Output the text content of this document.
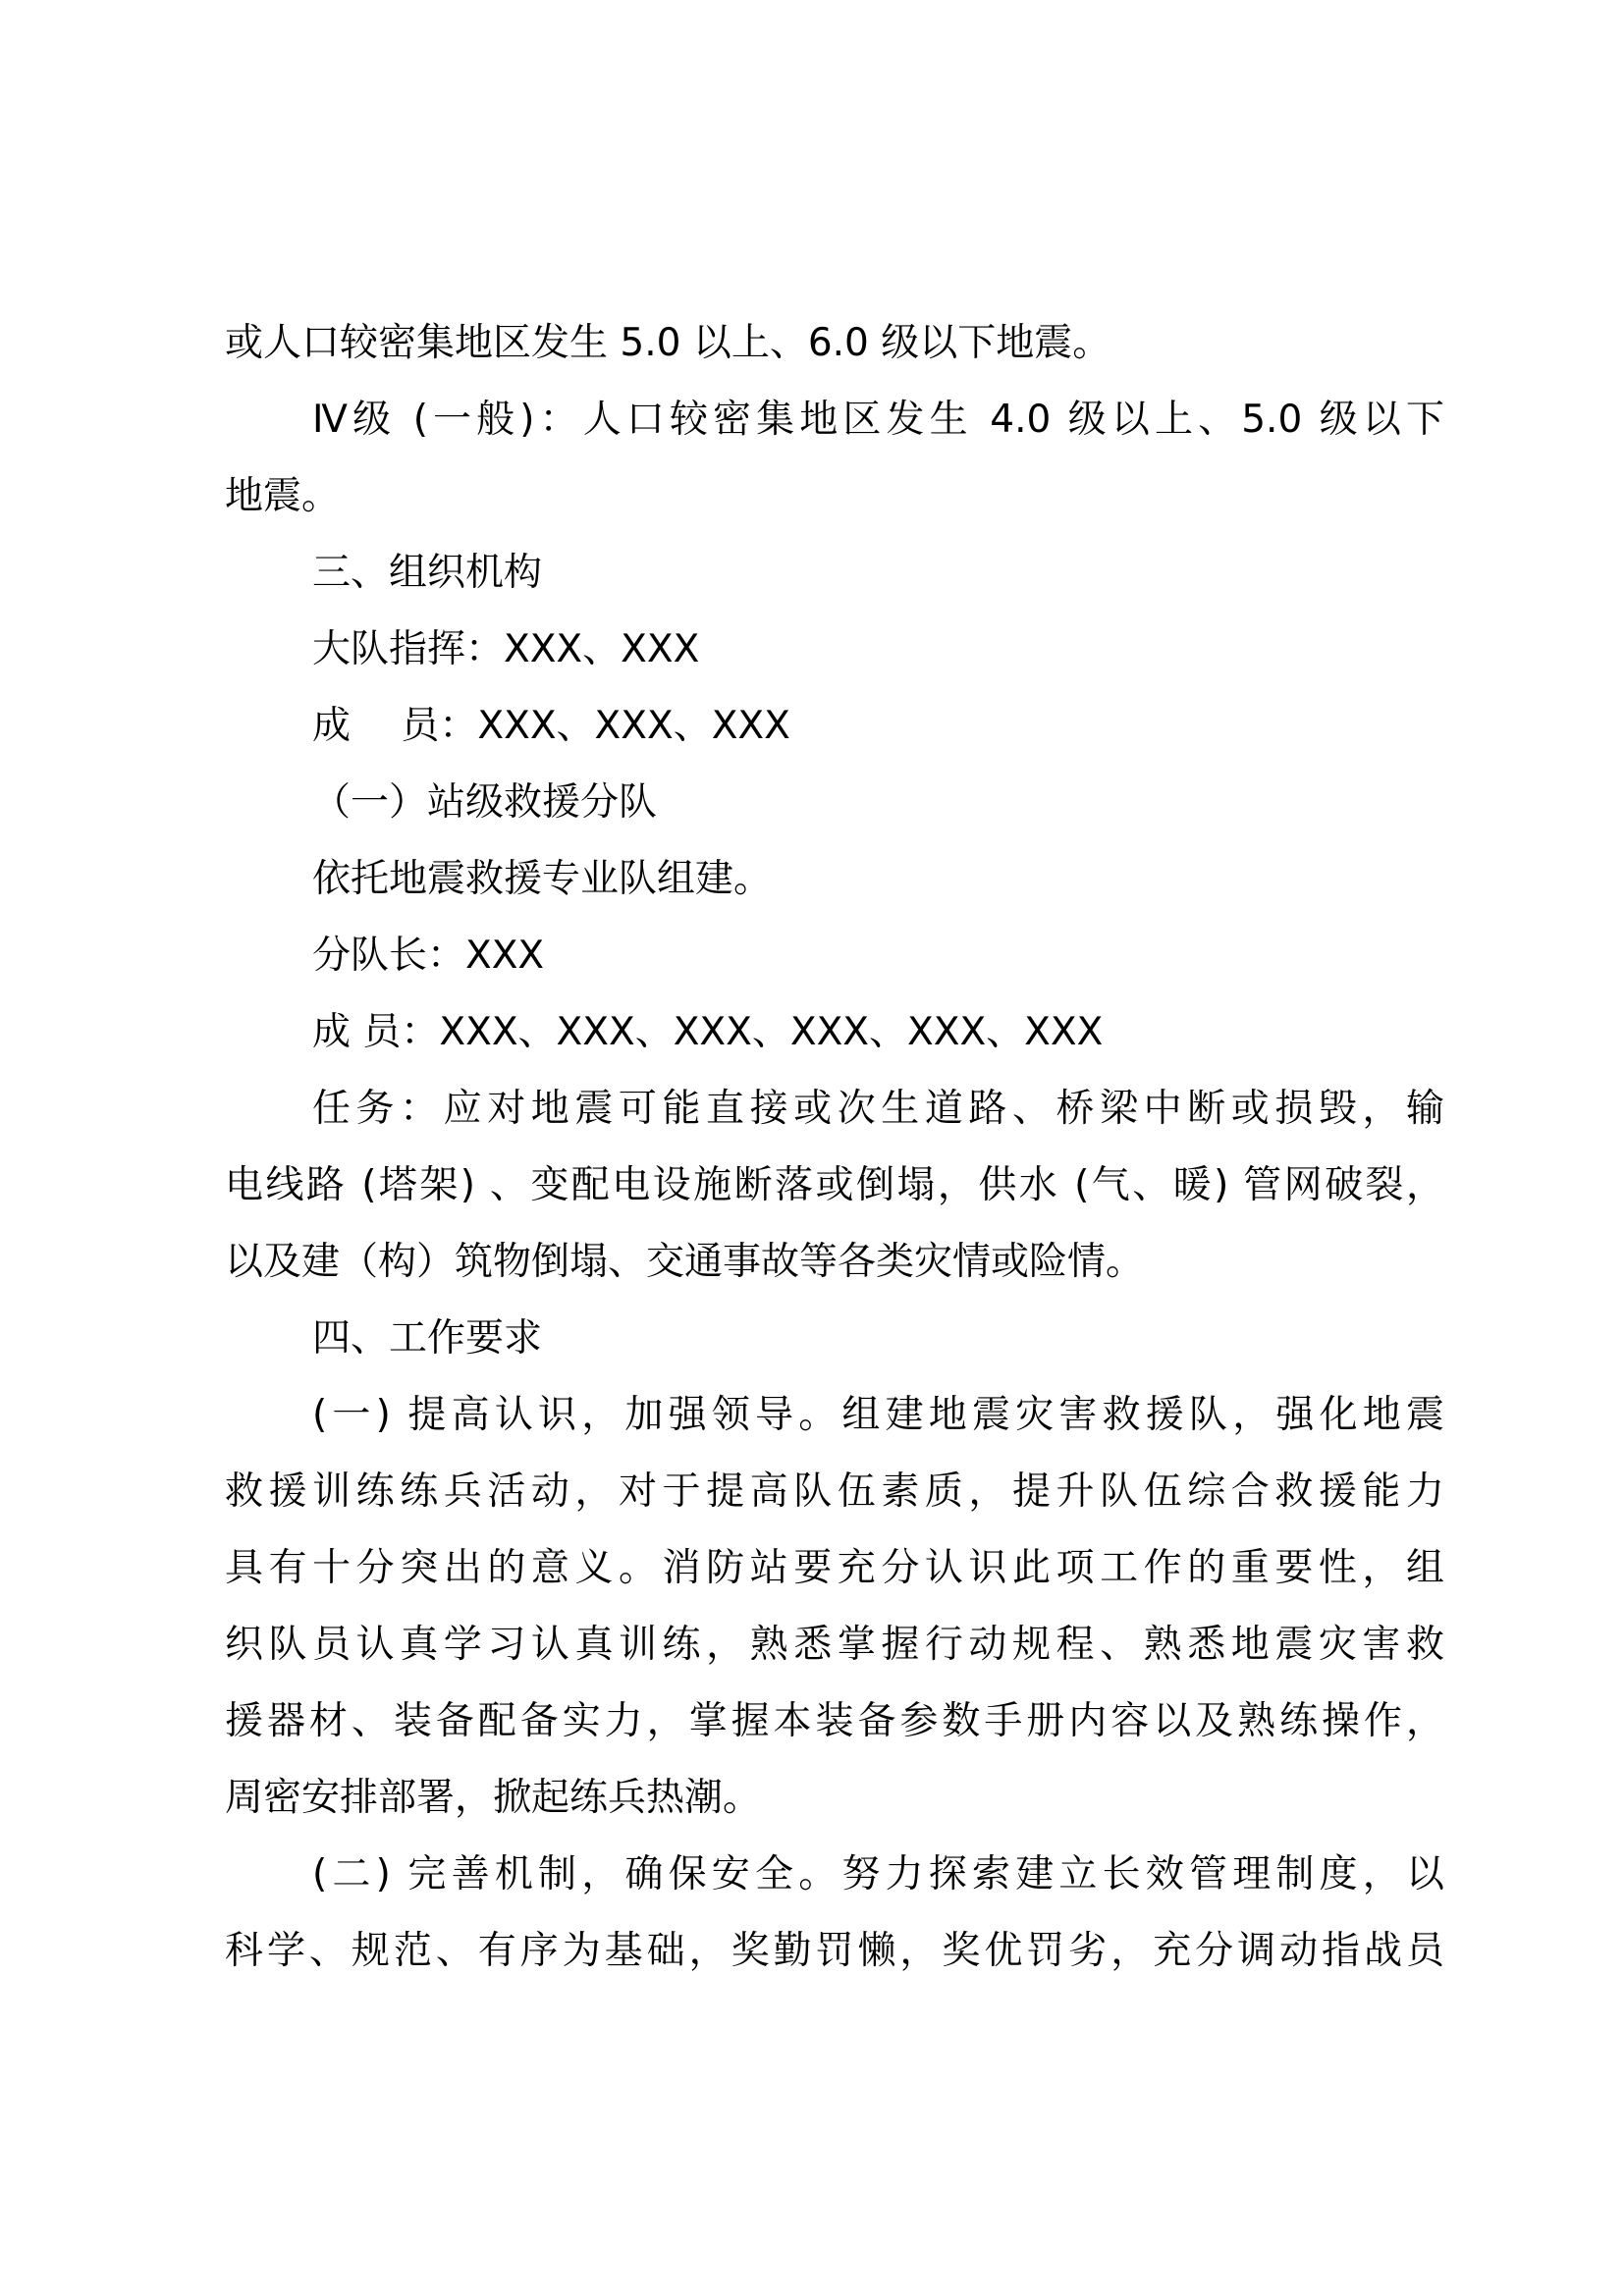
或人口较密集地区发生 5.0 以上、6.0 级以下地震。
Ⅳ级 (一般)：人口较密集地区发生 4.0 级以上、5.0 级以下
地震。
三、组织机构
大队指挥：XXX、XXX
成　 员：XXX、XXX、XXX
（一）站级救援分队
依托地震救援专业队组建。
分队长：XXX
成 员：XXX、XXX、XXX、XXX、XXX、XXX
任务：应对地震可能直接或次生道路、桥梁中断或损毁，输
电线路 (塔架) 、变配电设施断落或倒塌，供水 (气、暖) 管网破裂，
以及建（构）筑物倒塌、交通事故等各类灾情或险情。
四、工作要求
(一) 提高认识，加强领导。组建地震灾害救援队，强化地震
救援训练练兵活动，对于提高队伍素质，提升队伍综合救援能力
具有十分突出的意义。消防站要充分认识此项工作的重要性，组
织队员认真学习认真训练，熟悉掌握行动规程、熟悉地震灾害救
援器材、装备配备实力，掌握本装备参数手册内容以及熟练操作，
周密安排部署，掀起练兵热潮。
(二) 完善机制，确保安全。努力探索建立长效管理制度，以
科学、规范、有序为基础，奖勤罚懒，奖优罚劣，充分调动指战员
